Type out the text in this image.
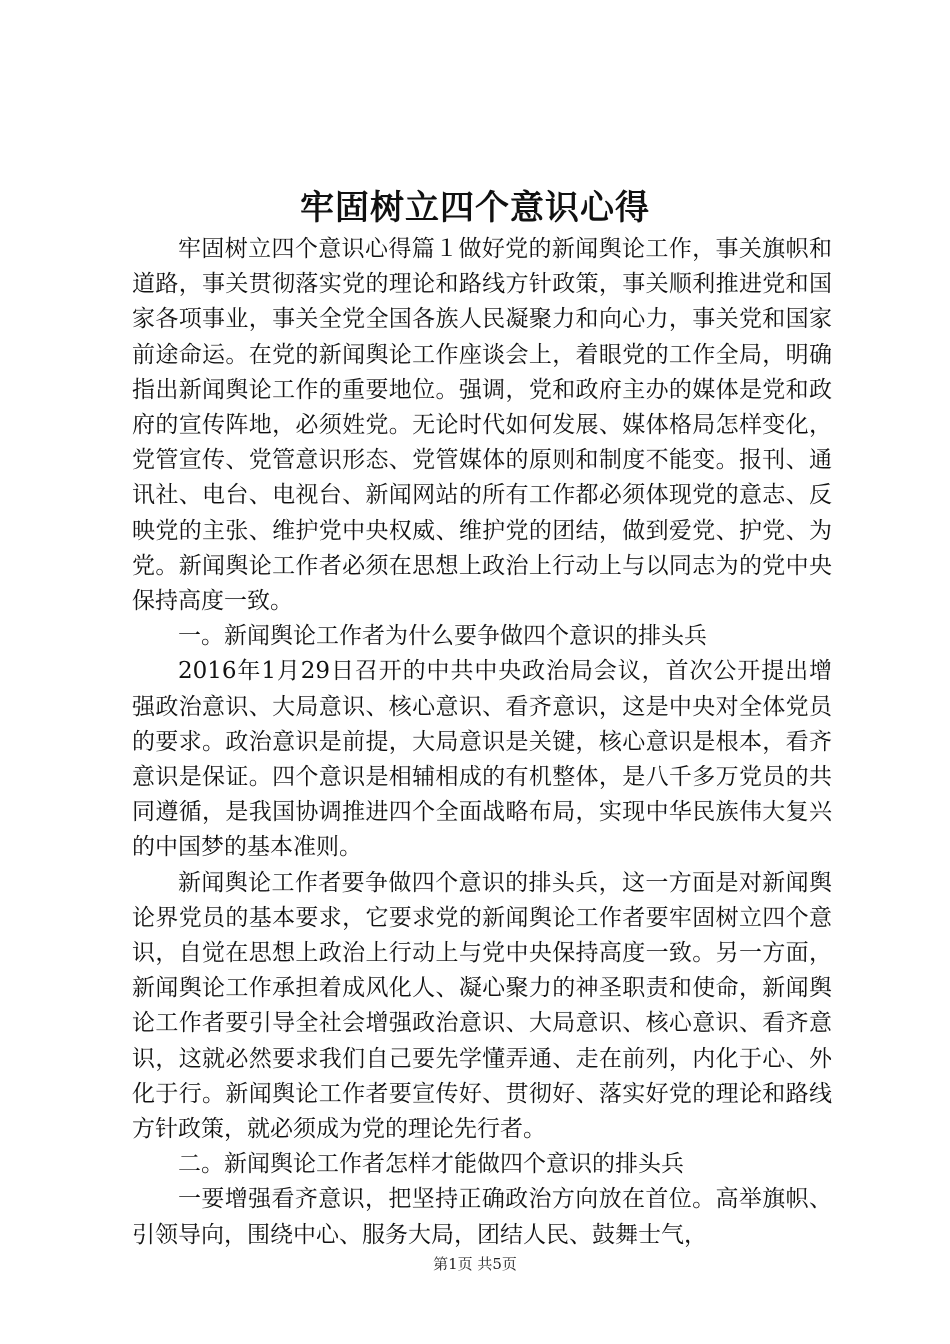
牢固树立四个意识心得

牢固树立四个意识心得篇１做好党的新闻舆论工作，事关旗帜和道路，事关贯彻落实党的理论和路线方针政策，事关顺利推进党和国家各项事业，事关全党全国各族人民凝聚力和向心力，事关党和国家前途命运。在党的新闻舆论工作座谈会上，着眼党的工作全局，明确指出新闻舆论工作的重要地位。强调，党和政府主办的媒体是党和政府的宣传阵地，必须姓党。无论时代如何发展、媒体格局怎样变化，党管宣传、党管意识形态、党管媒体的原则和制度不能变。报刊、通讯社、电台、电视台、新闻网站的所有工作都必须体现党的意志、反映党的主张、维护党中央权威、维护党的团结，做到爱党、护党、为党。新闻舆论工作者必须在思想上政治上行动上与以同志为的党中央保持高度一致。

一。新闻舆论工作者为什么要争做四个意识的排头兵

2016年1月29日召开的中共中央政治局会议，首次公开提出增强政治意识、大局意识、核心意识、看齐意识，这是中央对全体党员的要求。政治意识是前提，大局意识是关键，核心意识是根本，看齐意识是保证。四个意识是相辅相成的有机整体，是八千多万党员的共同遵循，是我国协调推进四个全面战略布局，实现中华民族伟大复兴的中国梦的基本准则。

新闻舆论工作者要争做四个意识的排头兵，这一方面是对新闻舆论界党员的基本要求，它要求党的新闻舆论工作者要牢固树立四个意识，自觉在思想上政治上行动上与党中央保持高度一致。另一方面，新闻舆论工作承担着成风化人、凝心聚力的神圣职责和使命，新闻舆论工作者要引导全社会增强政治意识、大局意识、核心意识、看齐意识，这就必然要求我们自己要先学懂弄通、走在前列，内化于心、外化于行。新闻舆论工作者要宣传好、贯彻好、落实好党的理论和路线方针政策，就必须成为党的理论先行者。

二。新闻舆论工作者怎样才能做四个意识的排头兵

一要增强看齐意识，把坚持正确政治方向放在首位。高举旗帜、引领导向，围绕中心、服务大局，团结人民、鼓舞士气，

第1页 共5页
